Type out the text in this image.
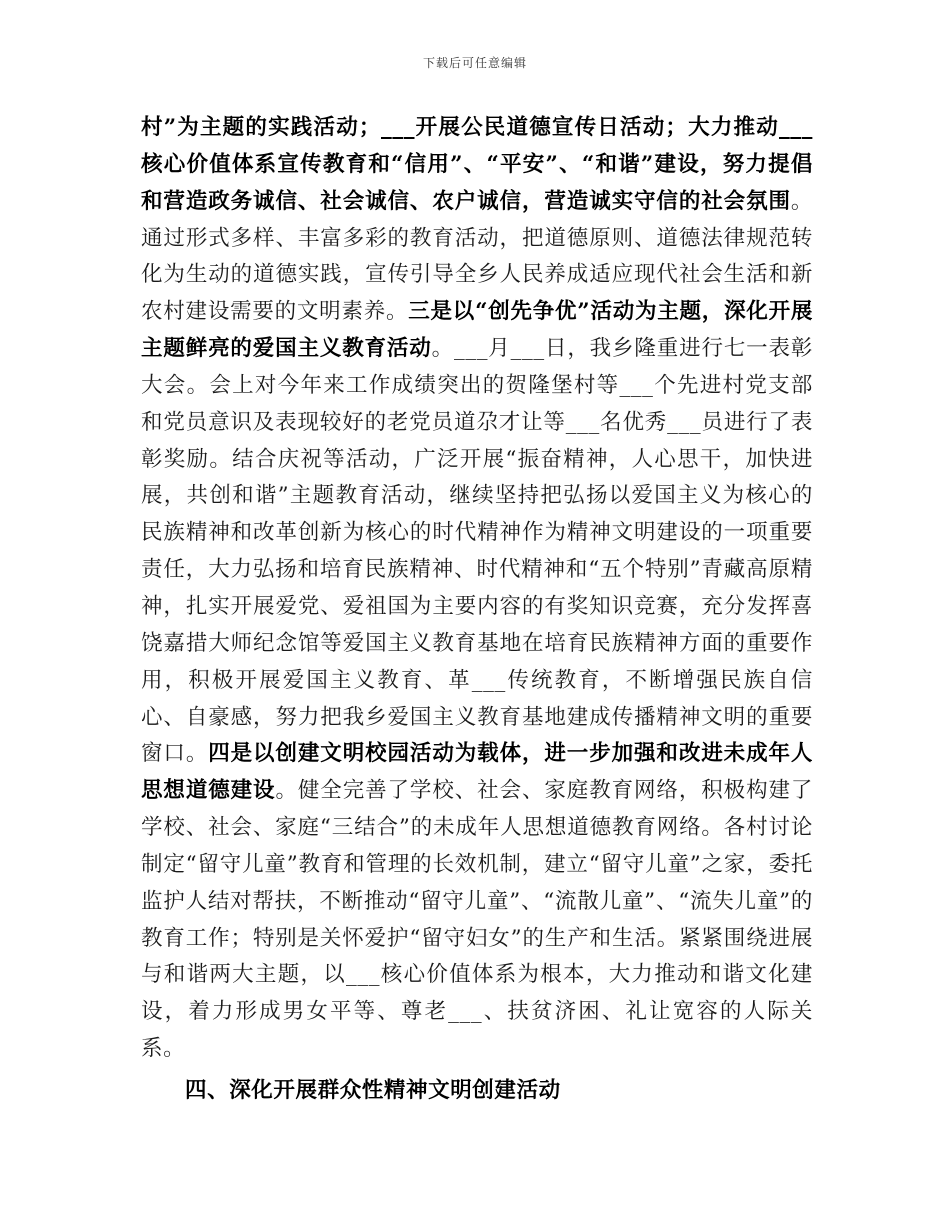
下载后可任意编辑

村”为主题的实践活动；___开展公民道德宣传日活动；大力推动___核心价值体系宣传教育和“信用”、“平安”、“和谐”建设，努力提倡和营造政务诚信、社会诚信、农户诚信，营造诚实守信的社会氛围。通过形式多样、丰富多彩的教育活动，把道德原则、道德法律规范转化为生动的道德实践，宣传引导全乡人民养成适应现代社会生活和新农村建设需要的文明素养。三是以“创先争优”活动为主题，深化开展主题鲜亮的爱国主义教育活动。___月___日，我乡隆重进行七一表彰大会。会上对今年来工作成绩突出的贺隆堡村等___个先进村党支部和党员意识及表现较好的老党员道尕才让等___名优秀___员进行了表彰奖励。结合庆祝等活动，广泛开展“振奋精神，人心思干，加快进展，共创和谐”主题教育活动，继续坚持把弘扬以爱国主义为核心的民族精神和改革创新为核心的时代精神作为精神文明建设的一项重要责任，大力弘扬和培育民族精神、时代精神和“五个特别”青藏高原精神，扎实开展爱党、爱祖国为主要内容的有奖知识竞赛，充分发挥喜饶嘉措大师纪念馆等爱国主义教育基地在培育民族精神方面的重要作用，积极开展爱国主义教育、革___传统教育，不断增强民族自信心、自豪感，努力把我乡爱国主义教育基地建成传播精神文明的重要窗口。四是以创建文明校园活动为载体，进一步加强和改进未成年人思想道德建设。健全完善了学校、社会、家庭教育网络，积极构建了学校、社会、家庭“三结合”的未成年人思想道德教育网络。各村讨论制定“留守儿童”教育和管理的长效机制，建立“留守儿童”之家，委托监护人结对帮扶，不断推动“留守儿童”、“流散儿童”、“流失儿童”的教育工作；特别是关怀爱护“留守妇女”的生产和生活。紧紧围绕进展与和谐两大主题，以___核心价值体系为根本，大力推动和谐文化建设，着力形成男女平等、尊老___、扶贫济困、礼让宽容的人际关系。

四、深化开展群众性精神文明创建活动
